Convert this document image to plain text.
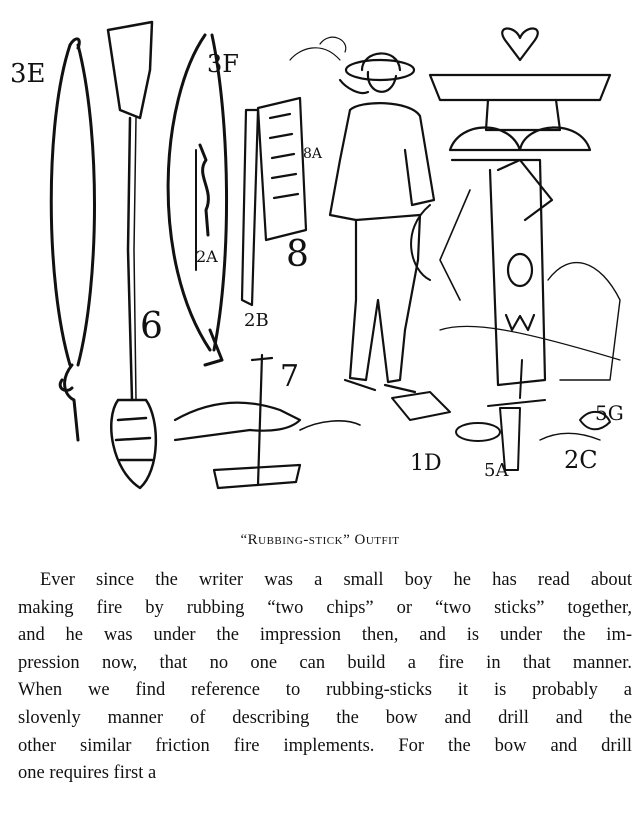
3E	3F
8A
2A 8
6	2B
7
1D 5A
5G
2C
“Rubbing-stick” Outfit
Ever since the writer was a small boy he has read about
making fire by rubbing “two chips” or “two sticks” together,
and he was under the impression then, and is under the im-
pression now, that no one can build a fire in that manner.
When we find reference to rubbing-sticks it is probably a
slovenly manner of describing the bow and drill and the
other similar friction fire implements. For the bow and drill
one requires first a
